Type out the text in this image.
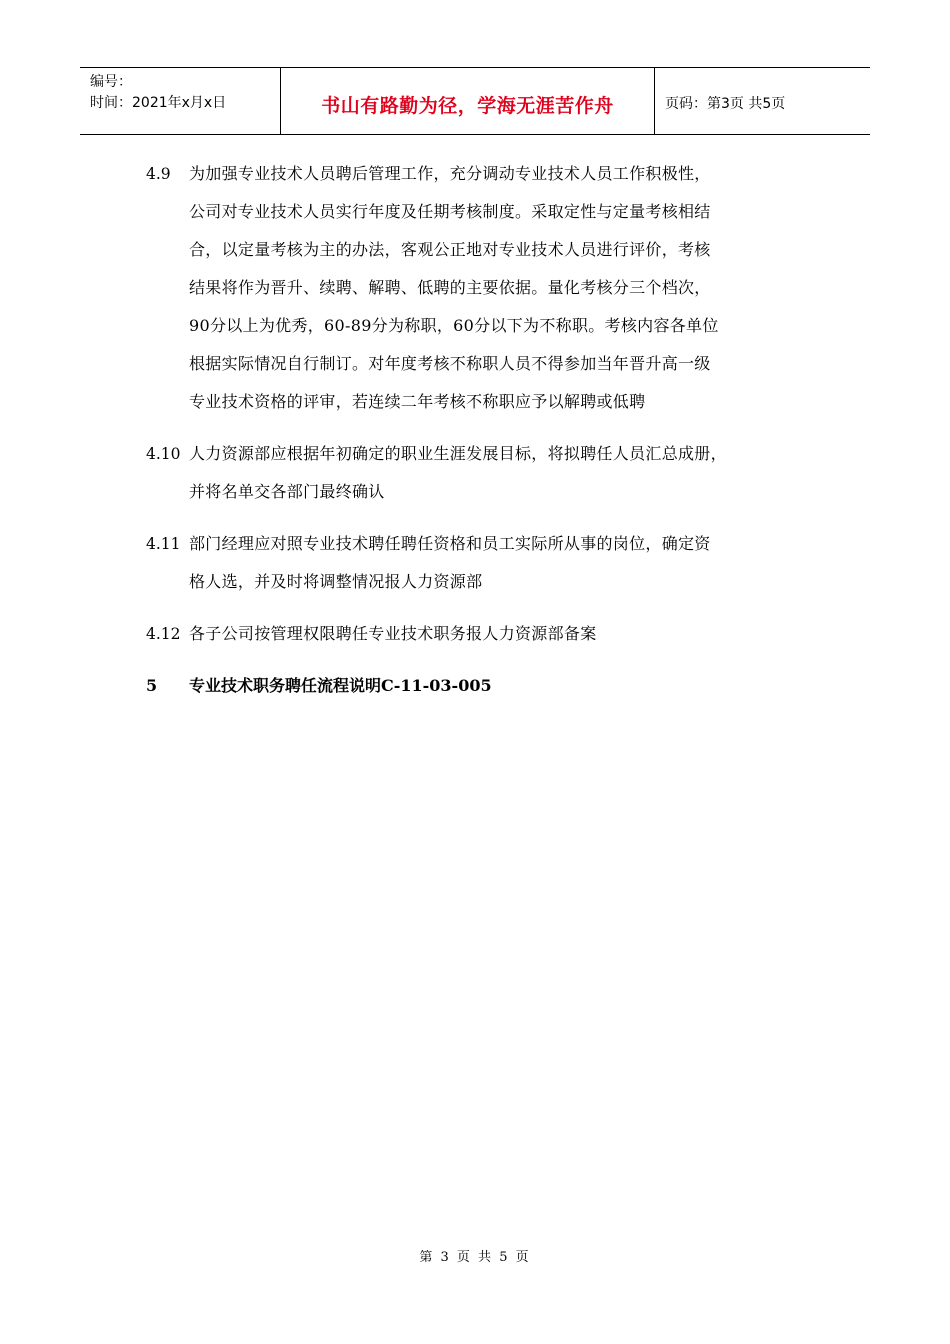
编号：
时间：2021年x月x日	书山有路勤为径，学海无涯苦作舟	页码：第3页 共5页
4.9	为加强专业技术人员聘后管理工作，充分调动专业技术人员工作积极性，
公司对专业技术人员实行年度及任期考核制度。采取定性与定量考核相结
合，以定量考核为主的办法，客观公正地对专业技术人员进行评价，考核
结果将作为晋升、续聘、解聘、低聘的主要依据。量化考核分三个档次，
90分以上为优秀，60-89分为称职，60分以下为不称职。考核内容各单位
根据实际情况自行制订。对年度考核不称职人员不得参加当年晋升高一级
专业技术资格的评审，若连续二年考核不称职应予以解聘或低聘
4.10 人力资源部应根据年初确定的职业生涯发展目标，将拟聘任人员汇总成册，
并将名单交各部门最终确认
4.11 部门经理应对照专业技术聘任聘任资格和员工实际所从事的岗位，确定资
格人选，并及时将调整情况报人力资源部
4.12 各子公司按管理权限聘任专业技术职务报人力资源部备案
5	专业技术职务聘任流程说明C-11-03-005
第 3 页 共 5 页
